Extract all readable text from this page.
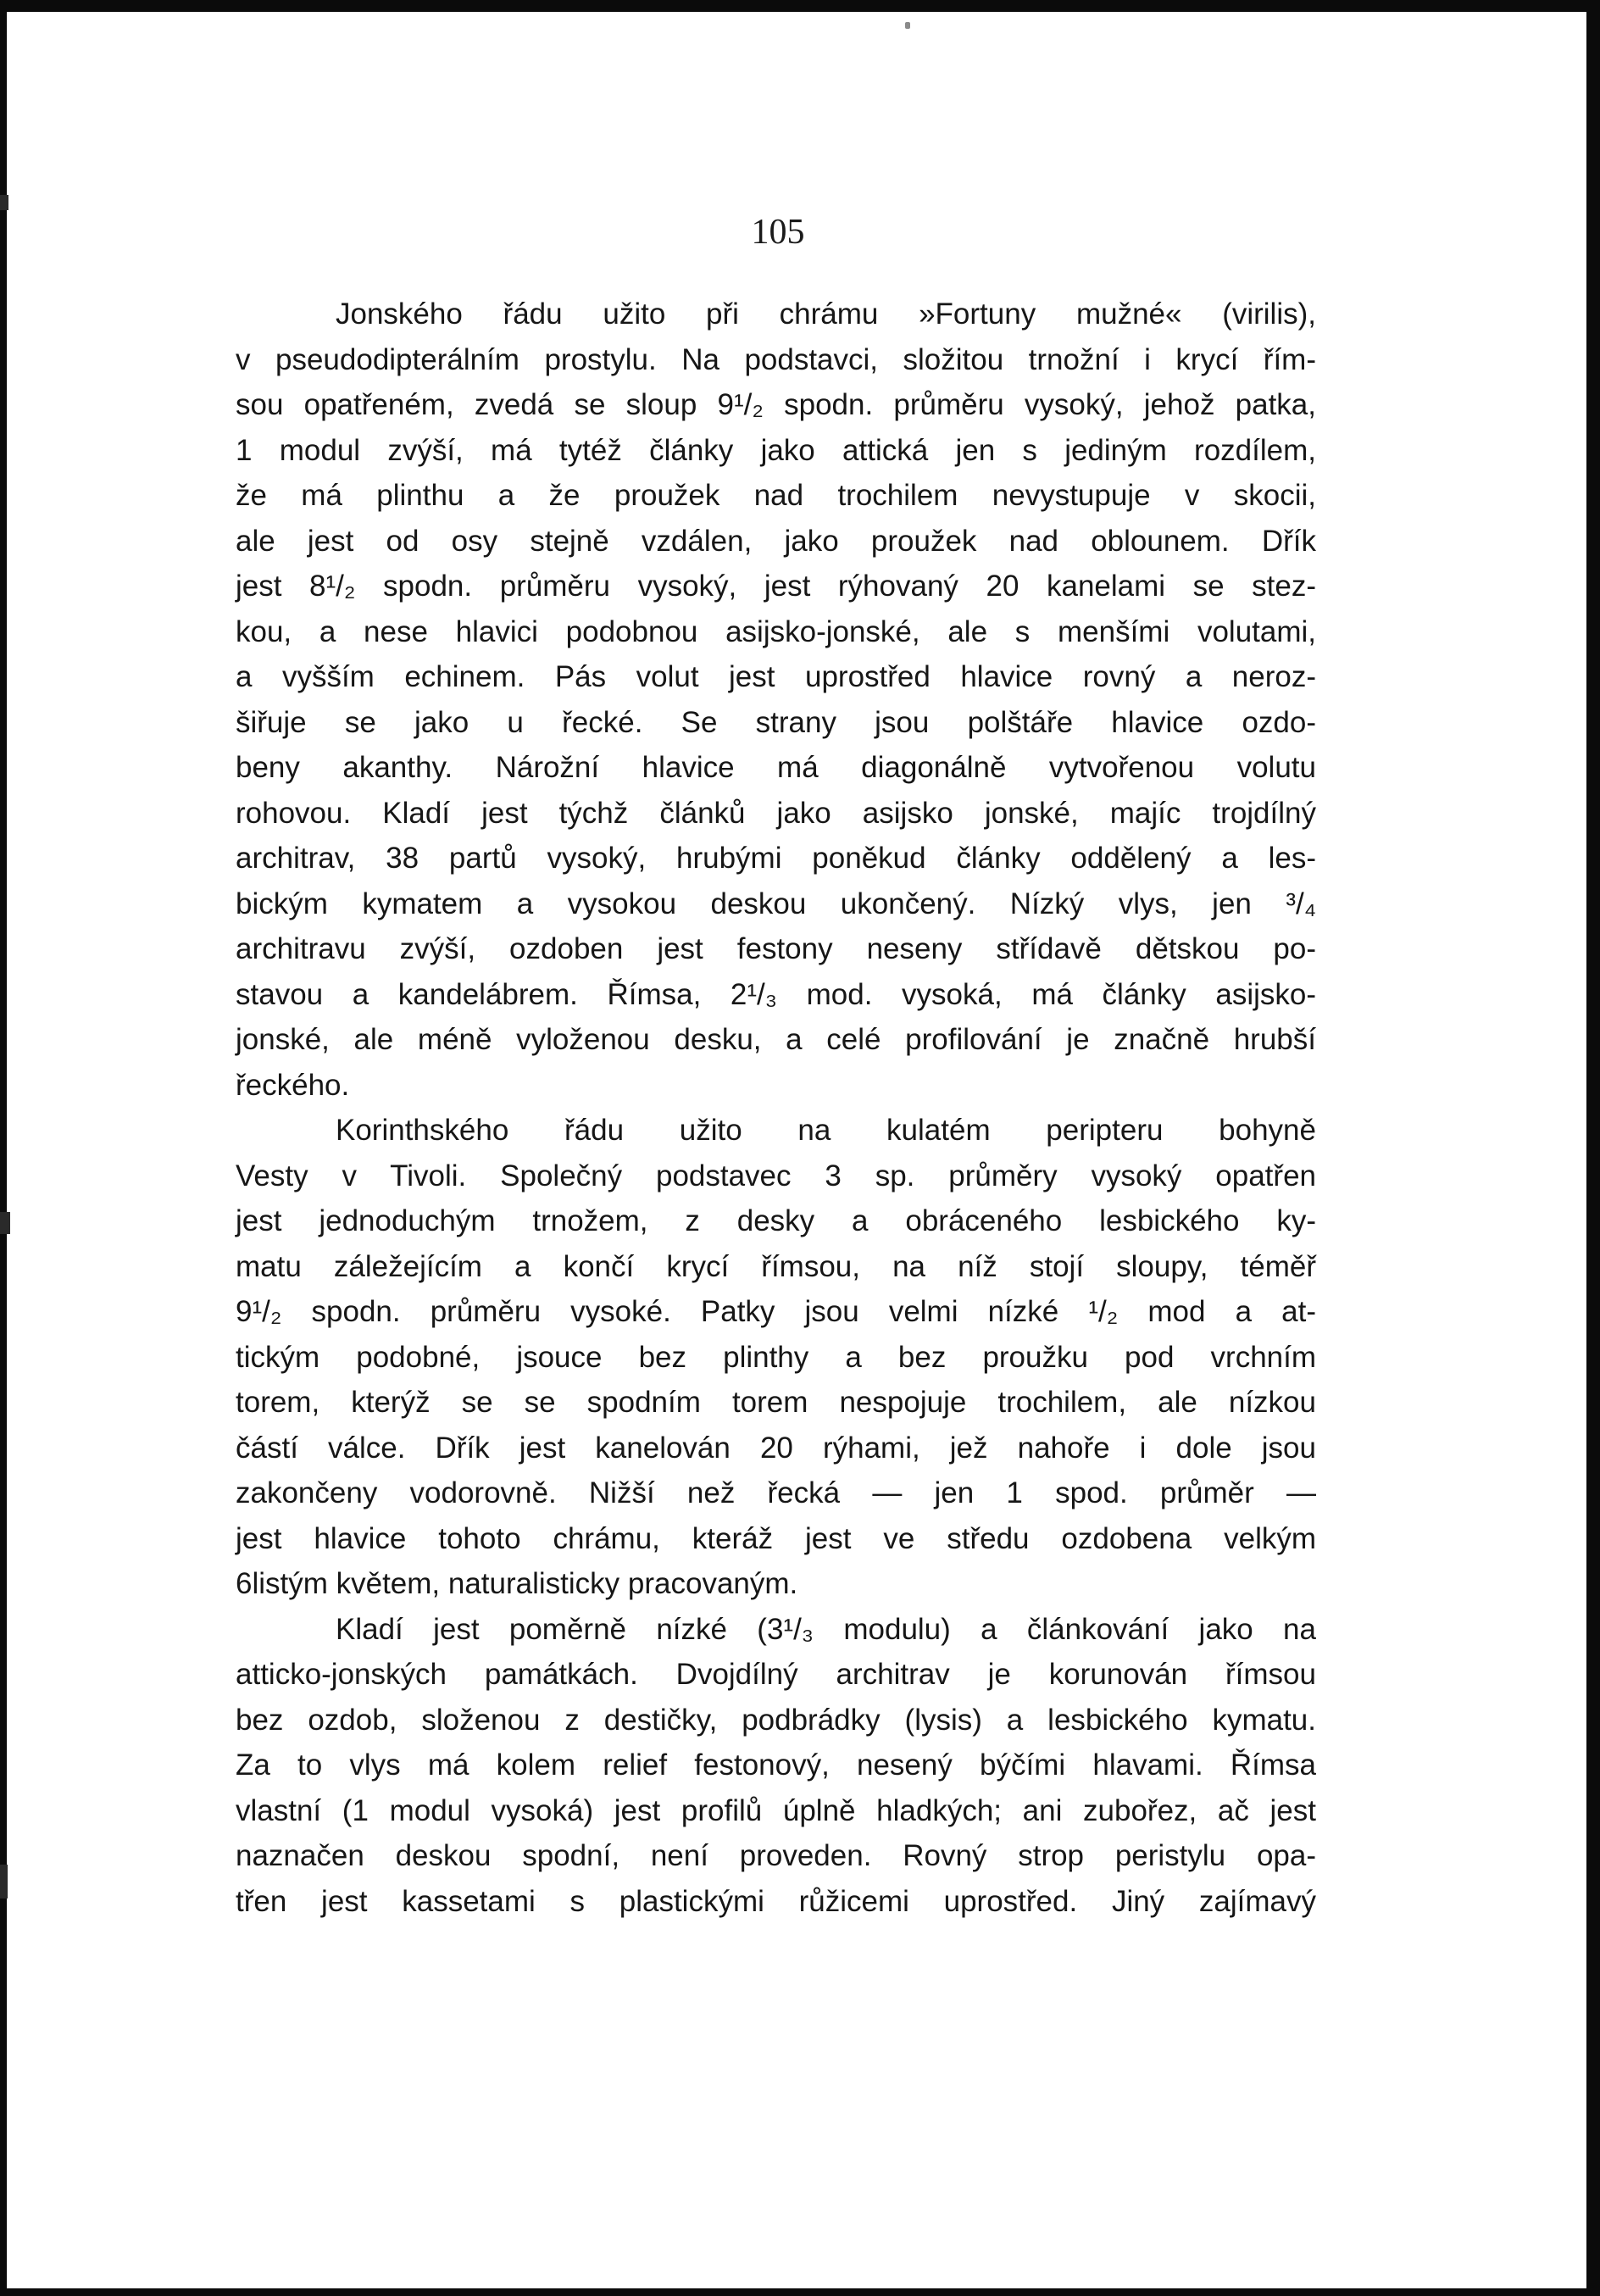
105
Jonského řádu užito při chrámu »Fortuny mužné« (virilis),
v pseudodipterálním prostylu. Na podstavci, složitou trnožní i krycí řím-
sou opatřeném, zvedá se sloup 9¹/₂ spodn. průměru vysoký, jehož patka,
1 modul zvýší, má tytéž články jako attická jen s jediným rozdílem,
že má plinthu a že proužek nad trochilem nevystupuje v skocii,
ale jest od osy stejně vzdálen, jako proužek nad oblounem. Dřík
jest 8¹/₂ spodn. průměru vysoký, jest rýhovaný 20 kanelami se stez-
kou, a nese hlavici podobnou asijsko-jonské, ale s menšími volutami,
a vyšším echinem. Pás volut jest uprostřed hlavice rovný a neroz-
šiřuje se jako u řecké. Se strany jsou polštáře hlavice ozdo-
beny akanthy. Nárožní hlavice má diagonálně vytvořenou volutu
rohovou. Kladí jest týchž článků jako asijsko jonské, majíc trojdílný
architrav, 38 partů vysoký, hrubými poněkud články oddělený a les-
bickým kymatem a vysokou deskou ukončený. Nízký vlys, jen ³/₄
architravu zvýší, ozdoben jest festony neseny střídavě dětskou po-
stavou a kandelábrem. Římsa, 2¹/₃ mod. vysoká, má články asijsko-
jonské, ale méně vyloženou desku, a celé profilování je značně hrubší
řeckého.
Korinthského řádu užito na kulatém peripteru bohyně
Vesty v Tivoli. Společný podstavec 3 sp. průměry vysoký opatřen
jest jednoduchým trnožem, z desky a obráceného lesbického ky-
matu záležejícím a končí krycí římsou, na níž stojí sloupy, téměř
9¹/₂ spodn. průměru vysoké. Patky jsou velmi nízké ¹/₂ mod a at-
tickým podobné, jsouce bez plinthy a bez proužku pod vrchním
torem, kterýž se se spodním torem nespojuje trochilem, ale nízkou
částí válce. Dřík jest kanelován 20 rýhami, jež nahoře i dole jsou
zakončeny vodorovně. Nižší než řecká — jen 1 spod. průměr —
jest hlavice tohoto chrámu, kteráž jest ve středu ozdobena velkým
6listým květem, naturalisticky pracovaným.
Kladí jest poměrně nízké (3¹/₃ modulu) a článkování jako na
atticko-jonských památkách. Dvojdílný architrav je korunován římsou
bez ozdob, složenou z destičky, podbrádky (lysis) a lesbického kymatu.
Za to vlys má kolem relief festonový, nesený býčími hlavami. Římsa
vlastní (1 modul vysoká) jest profilů úplně hladkých; ani zubořez, ač jest
naznačen deskou spodní, není proveden. Rovný strop peristylu opa-
třen jest kassetami s plastickými růžicemi uprostřed. Jiný zajímavý
